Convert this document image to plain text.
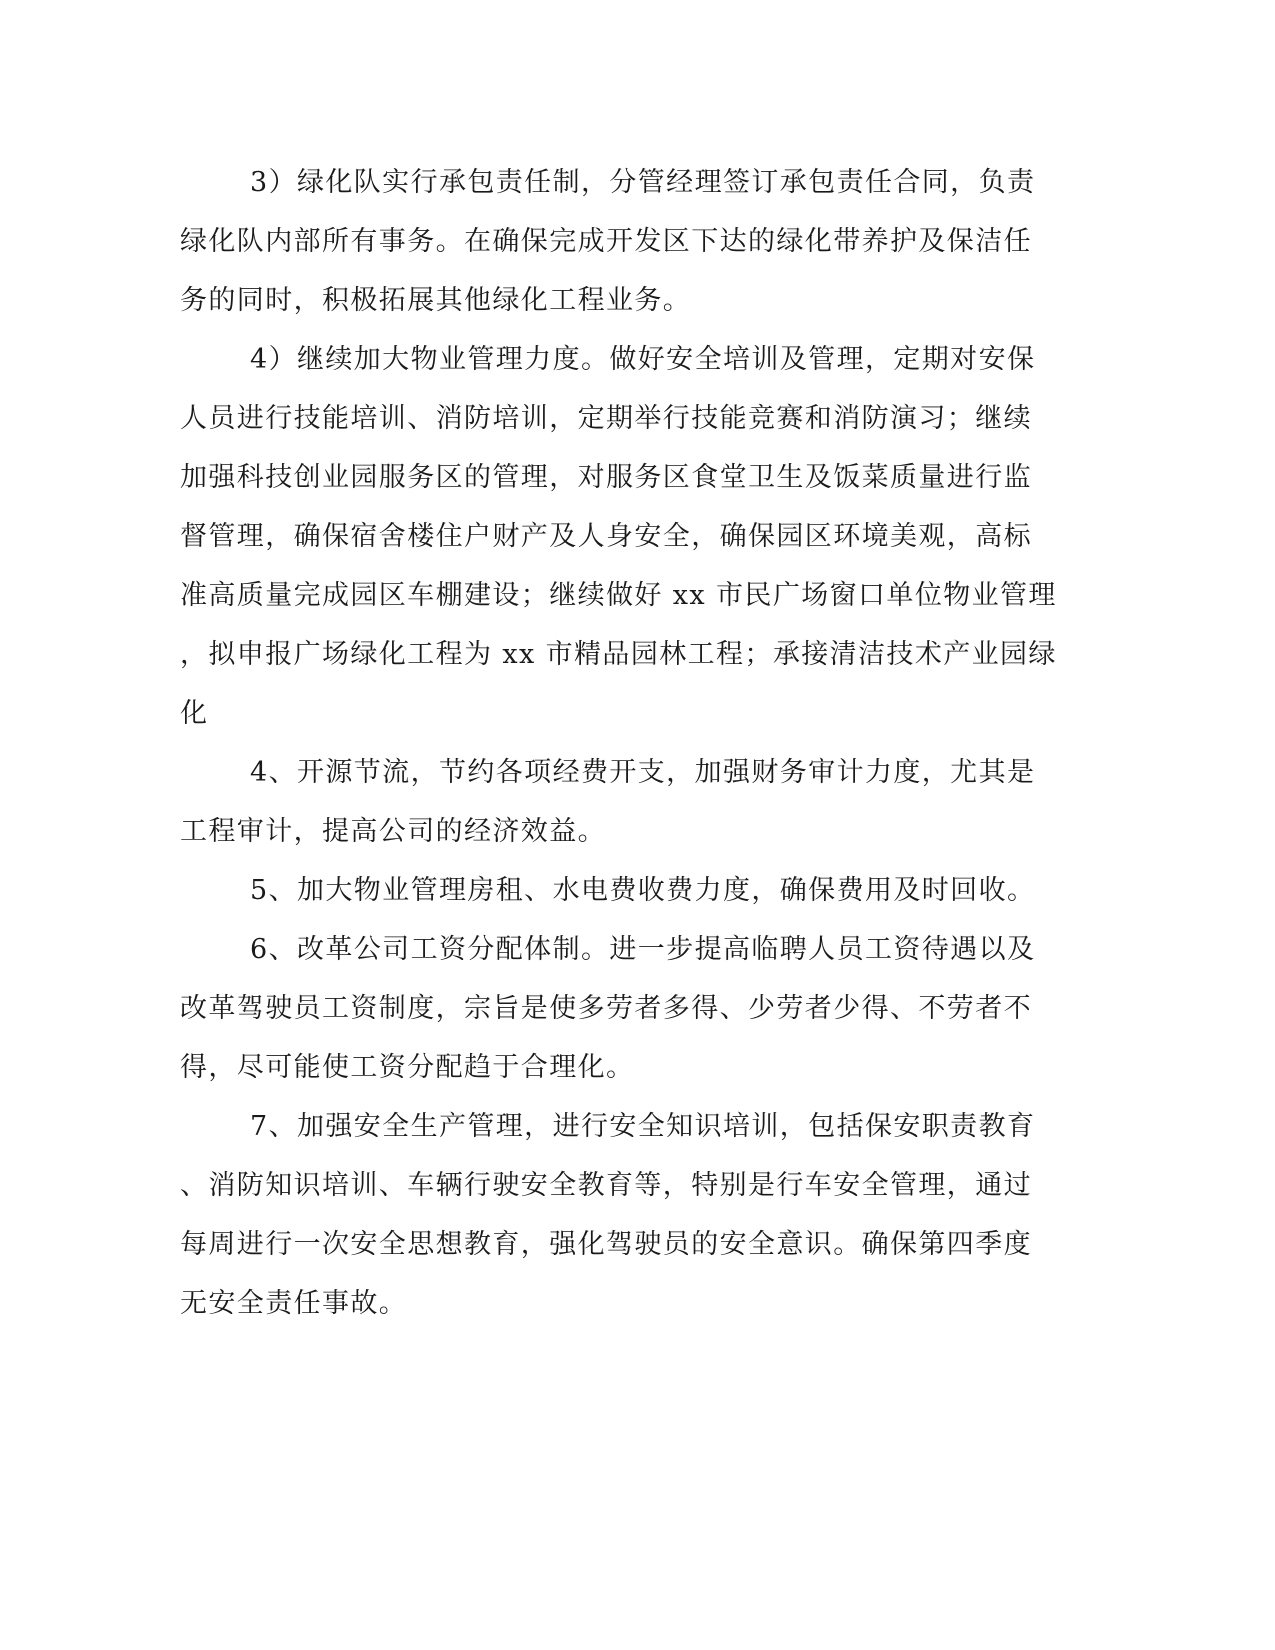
3）绿化队实行承包责任制，分管经理签订承包责任合同，负责
绿化队内部所有事务。在确保完成开发区下达的绿化带养护及保洁任
务的同时，积极拓展其他绿化工程业务。
4）继续加大物业管理力度。做好安全培训及管理，定期对安保
人员进行技能培训、消防培训，定期举行技能竞赛和消防演习；继续
加强科技创业园服务区的管理，对服务区食堂卫生及饭菜质量进行监
督管理，确保宿舍楼住户财产及人身安全，确保园区环境美观，高标
准高质量完成园区车棚建设；继续做好 xx 市民广场窗口单位物业管理
，拟申报广场绿化工程为 xx 市精品园林工程；承接清洁技术产业园绿
化
4、开源节流，节约各项经费开支，加强财务审计力度，尤其是
工程审计，提高公司的经济效益。
5、加大物业管理房租、水电费收费力度，确保费用及时回收。
6、改革公司工资分配体制。进一步提高临聘人员工资待遇以及
改革驾驶员工资制度，宗旨是使多劳者多得、少劳者少得、不劳者不
得，尽可能使工资分配趋于合理化。
7、加强安全生产管理，进行安全知识培训，包括保安职责教育
、消防知识培训、车辆行驶安全教育等，特别是行车安全管理，通过
每周进行一次安全思想教育，强化驾驶员的安全意识。确保第四季度
无安全责任事故。
